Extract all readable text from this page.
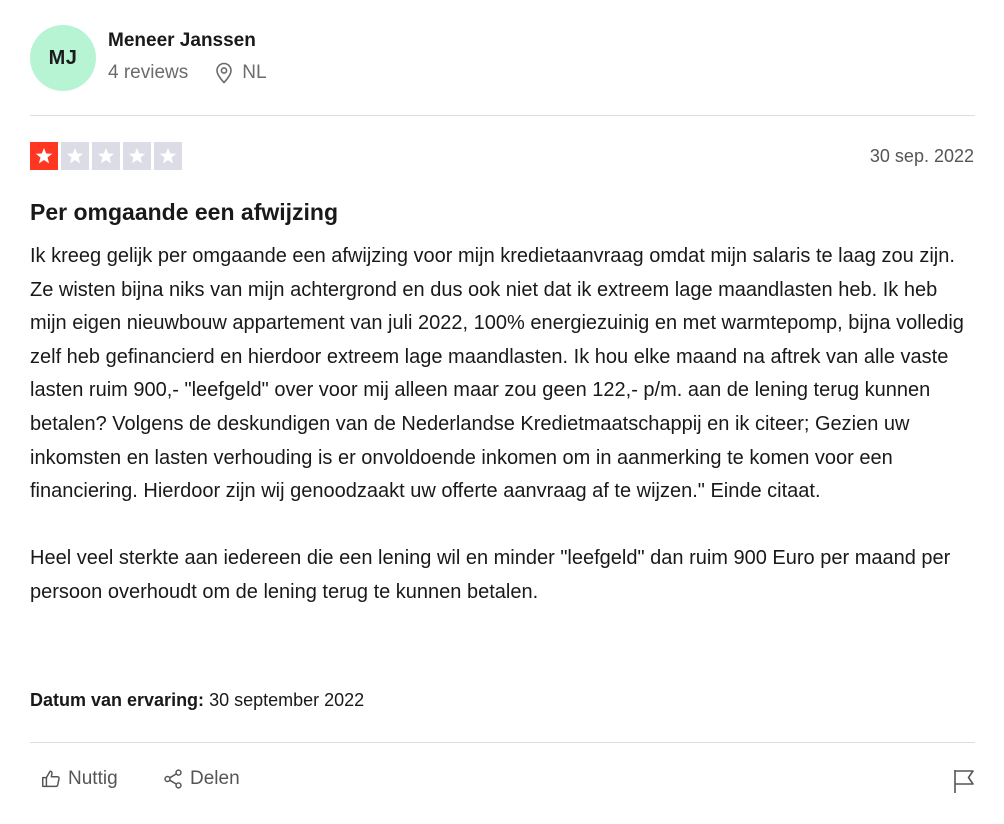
MJ
Meneer Janssen
4 reviews	NL
30 sep. 2022
Per omgaande een afwijzing

Ik kreeg gelijk per omgaande een afwijzing voor mijn kredietaanvraag omdat mijn salaris te laag zou zijn. Ze wisten bijna niks van mijn achtergrond en dus ook niet dat ik extreem lage maandlasten heb. Ik heb mijn eigen nieuwbouw appartement van juli 2022, 100% energiezuinig en met warmtepomp, bijna volledig zelf heb gefinancierd en hierdoor extreem lage maandlasten. Ik hou elke maand na aftrek van alle vaste lasten ruim 900,- "leefgeld" over voor mij alleen maar zou geen 122,- p/m. aan de lening terug kunnen betalen? Volgens de deskundigen van de Nederlandse Kredietmaatschappij en ik citeer; Gezien uw inkomsten en lasten verhouding is er onvoldoende inkomen om in aanmerking te komen voor een financiering. Hierdoor zijn wij genoodzaakt uw offerte aanvraag af te wijzen." Einde citaat.

Heel veel sterkte aan iedereen die een lening wil en minder "leefgeld" dan ruim 900 Euro per maand per persoon overhoudt om de lening terug te kunnen betalen.

Datum van ervaring: 30 september 2022
Nuttig	Delen
